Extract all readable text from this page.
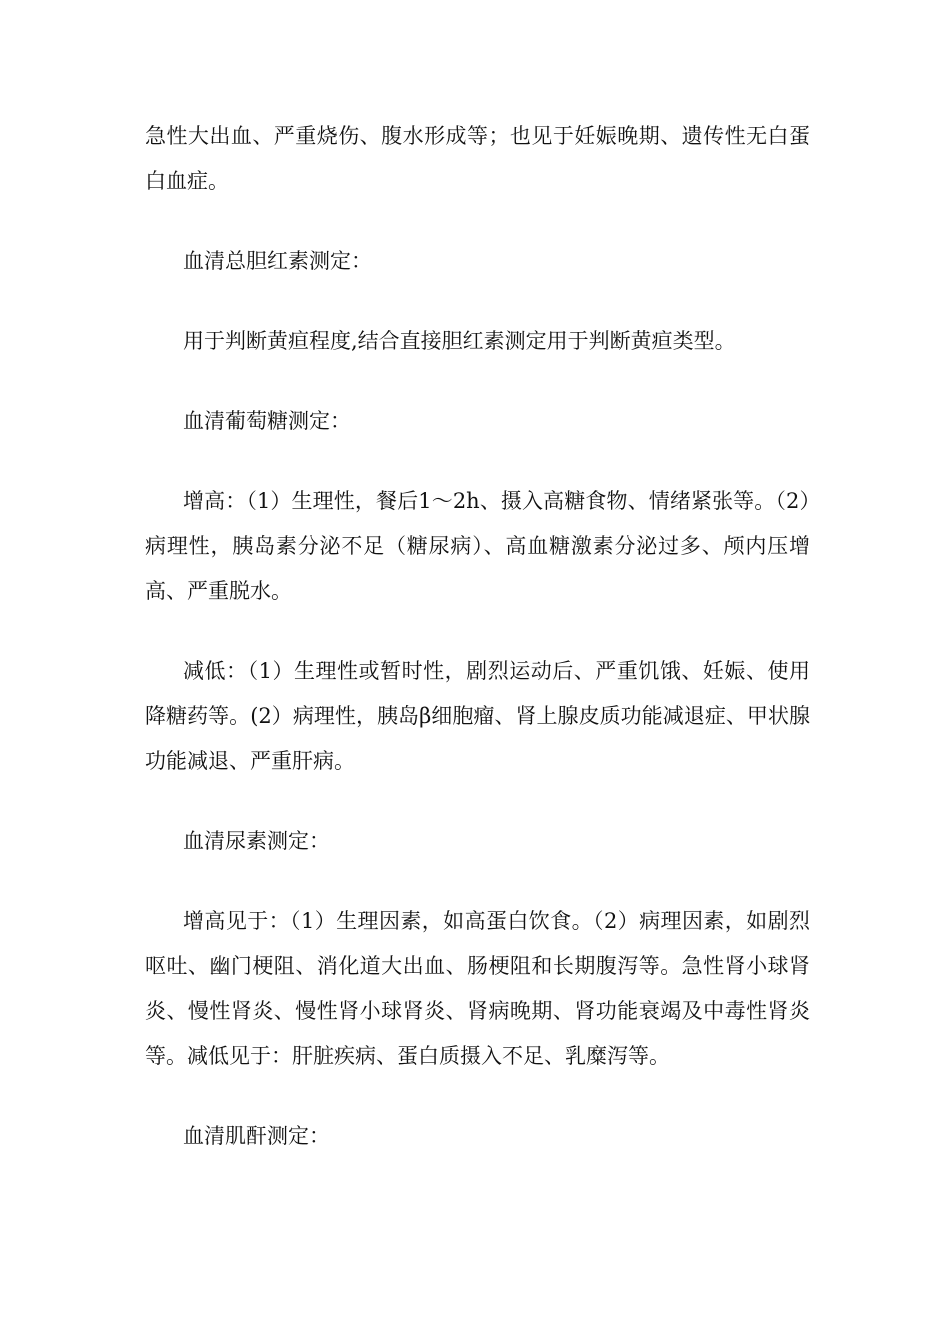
急性大出血、严重烧伤、腹水形成等；也见于妊娠晚期、遗传性无白蛋白血症。

血清总胆红素测定：

用于判断黄疸程度,结合直接胆红素测定用于判断黄疸类型。

血清葡萄糖测定：

增高：（1）生理性，餐后1～2h、摄入高糖食物、情绪紧张等。（2）病理性，胰岛素分泌不足（糖尿病）、高血糖激素分泌过多、颅内压增高、严重脱水。

减低：（1）生理性或暂时性，剧烈运动后、严重饥饿、妊娠、使用降糖药等。(2）病理性，胰岛β细胞瘤、肾上腺皮质功能减退症、甲状腺功能减退、严重肝病。

血清尿素测定：

增高见于：（1）生理因素，如高蛋白饮食。（2）病理因素，如剧烈呕吐、幽门梗阻、消化道大出血、肠梗阻和长期腹泻等。急性肾小球肾炎、慢性肾炎、慢性肾小球肾炎、肾病晚期、肾功能衰竭及中毒性肾炎等。减低见于：肝脏疾病、蛋白质摄入不足、乳糜泻等。

血清肌酐测定：
